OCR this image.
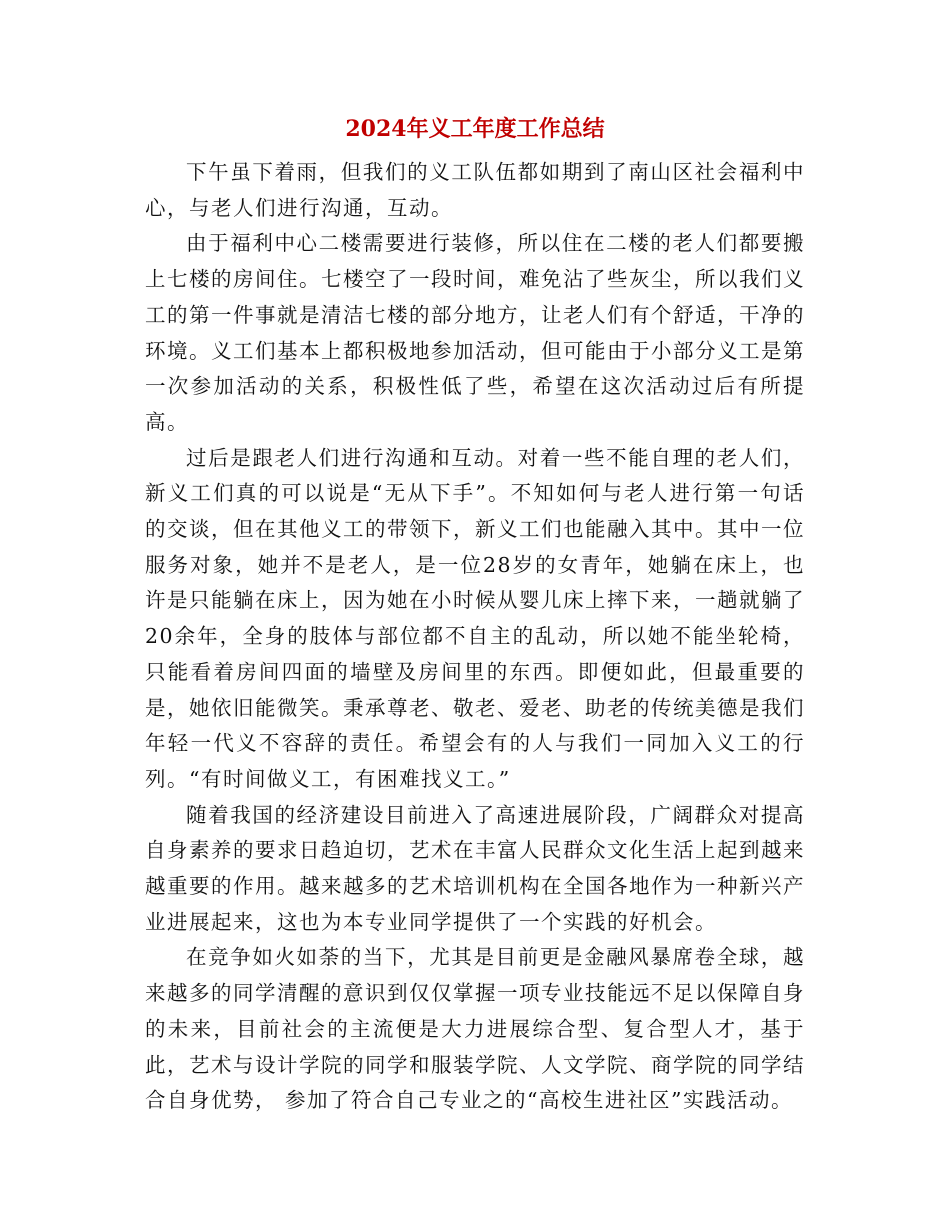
2024年义工年度工作总结

下午虽下着雨，但我们的义工队伍都如期到了南山区社会福利中心，与老人们进行沟通，互动。

由于福利中心二楼需要进行装修，所以住在二楼的老人们都要搬上七楼的房间住。七楼空了一段时间，难免沾了些灰尘，所以我们义工的第一件事就是清洁七楼的部分地方，让老人们有个舒适，干净的环境。义工们基本上都积极地参加活动，但可能由于小部分义工是第一次参加活动的关系，积极性低了些，希望在这次活动过后有所提高。

过后是跟老人们进行沟通和互动。对着一些不能自理的老人们，新义工们真的可以说是“无从下手”。不知如何与老人进行第一句话的交谈，但在其他义工的带领下，新义工们也能融入其中。其中一位服务对象，她并不是老人，是一位28岁的女青年，她躺在床上，也许是只能躺在床上，因为她在小时候从婴儿床上摔下来，一趟就躺了20余年，全身的肢体与部位都不自主的乱动，所以她不能坐轮椅，只能看着房间四面的墙壁及房间里的东西。即便如此，但最重要的是，她依旧能微笑。秉承尊老、敬老、爱老、助老的传统美德是我们年轻一代义不容辞的责任。希望会有的人与我们一同加入义工的行列。“有时间做义工，有困难找义工。”

随着我国的经济建设目前进入了高速进展阶段，广阔群众对提高自身素养的要求日趋迫切，艺术在丰富人民群众文化生活上起到越来越重要的作用。越来越多的艺术培训机构在全国各地作为一种新兴产业进展起来，这也为本专业同学提供了一个实践的好机会。

在竞争如火如荼的当下，尤其是目前更是金融风暴席卷全球，越来越多的同学清醒的意识到仅仅掌握一项专业技能远不足以保障自身的未来，目前社会的主流便是大力进展综合型、复合型人才，基于此，艺术与设计学院的同学和服装学院、人文学院、商学院的同学结合自身优势， 参加了符合自己专业之的“高校生进社区”实践活动。
